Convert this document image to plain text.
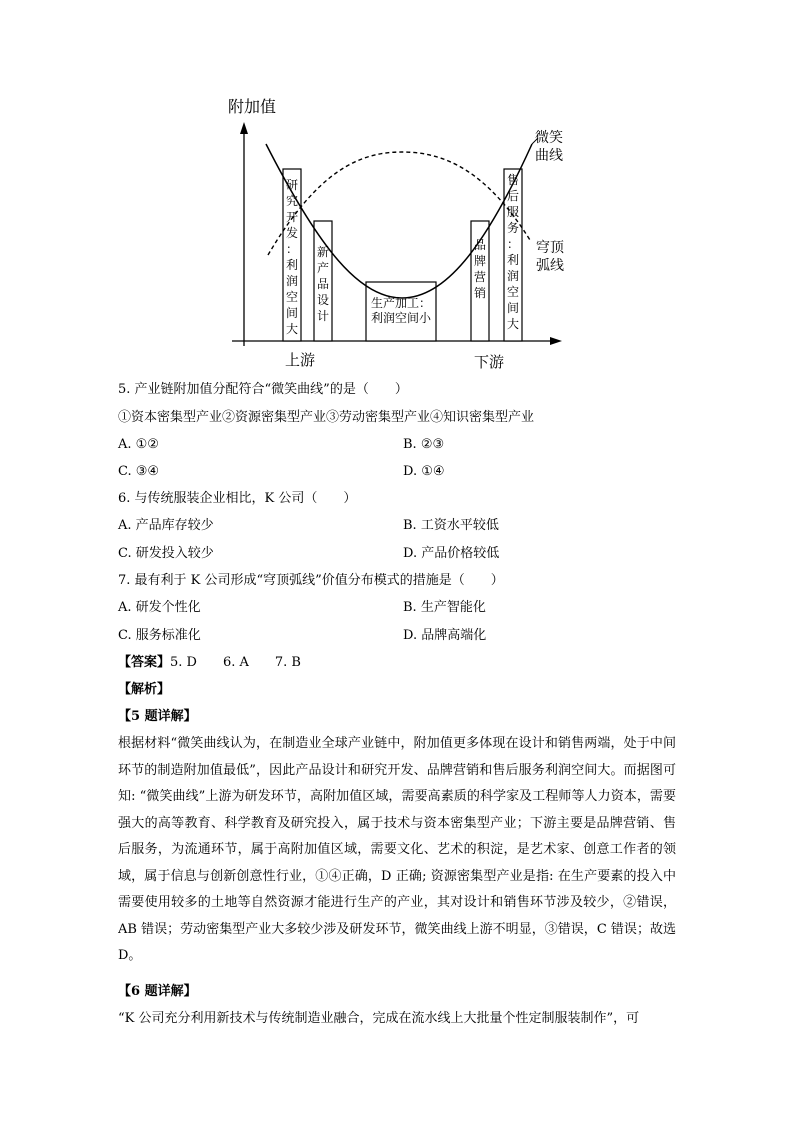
附加值
微笑
曲线
穹顶
弧线
上游	下游
研
究
开
发
：
利
润
空
间
大
新
产
品
设
计
生产加工：
利润空间小
品
牌
营
销
售
后
服
务
：
利
润
空
间
大
5. 产业链附加值分配符合“微笑曲线”的是（　　）
①资本密集型产业②资源密集型产业③劳动密集型产业④知识密集型产业
A. ①②	B. ②③
C. ③④	D. ①④
6. 与传统服装企业相比，K 公司（　　）
A. 产品库存较少	B. 工资水平较低
C. 研发投入较少	D. 产品价格较低
7. 最有利于 K 公司形成“穹顶弧线”价值分布模式的措施是（　　）
A. 研发个性化	B. 生产智能化
C. 服务标准化	D. 品牌高端化
【答案】5. D　　6. A　　7. B
【解析】
【5 题详解】
根据材料“微笑曲线认为，在制造业全球产业链中，附加值更多体现在设计和销售两端，处于中间环节的制造附加值最低”，因此产品设计和研究开发、品牌营销和售后服务利润空间大。而据图可知: “微笑曲线”上游为研发环节，高附加值区域，需要高素质的科学家及工程师等人力资本，需要强大的高等教育、科学教育及研究投入，属于技术与资本密集型产业；下游主要是品牌营销、售后服务，为流通环节，属于高附加值区域，需要文化、艺术的积淀，是艺术家、创意工作者的领域，属于信息与创新创意性行业，①④正确，D 正确; 资源密集型产业是指: 在生产要素的投入中需要使用较多的土地等自然资源才能进行生产的产业，其对设计和销售环节涉及较少，②错误，AB 错误；劳动密集型产业大多较少涉及研发环节，微笑曲线上游不明显，③错误，C 错误；故选 D。
【6 题详解】
“K 公司充分利用新技术与传统制造业融合，完成在流水线上大批量个性定制服装制作”，可
